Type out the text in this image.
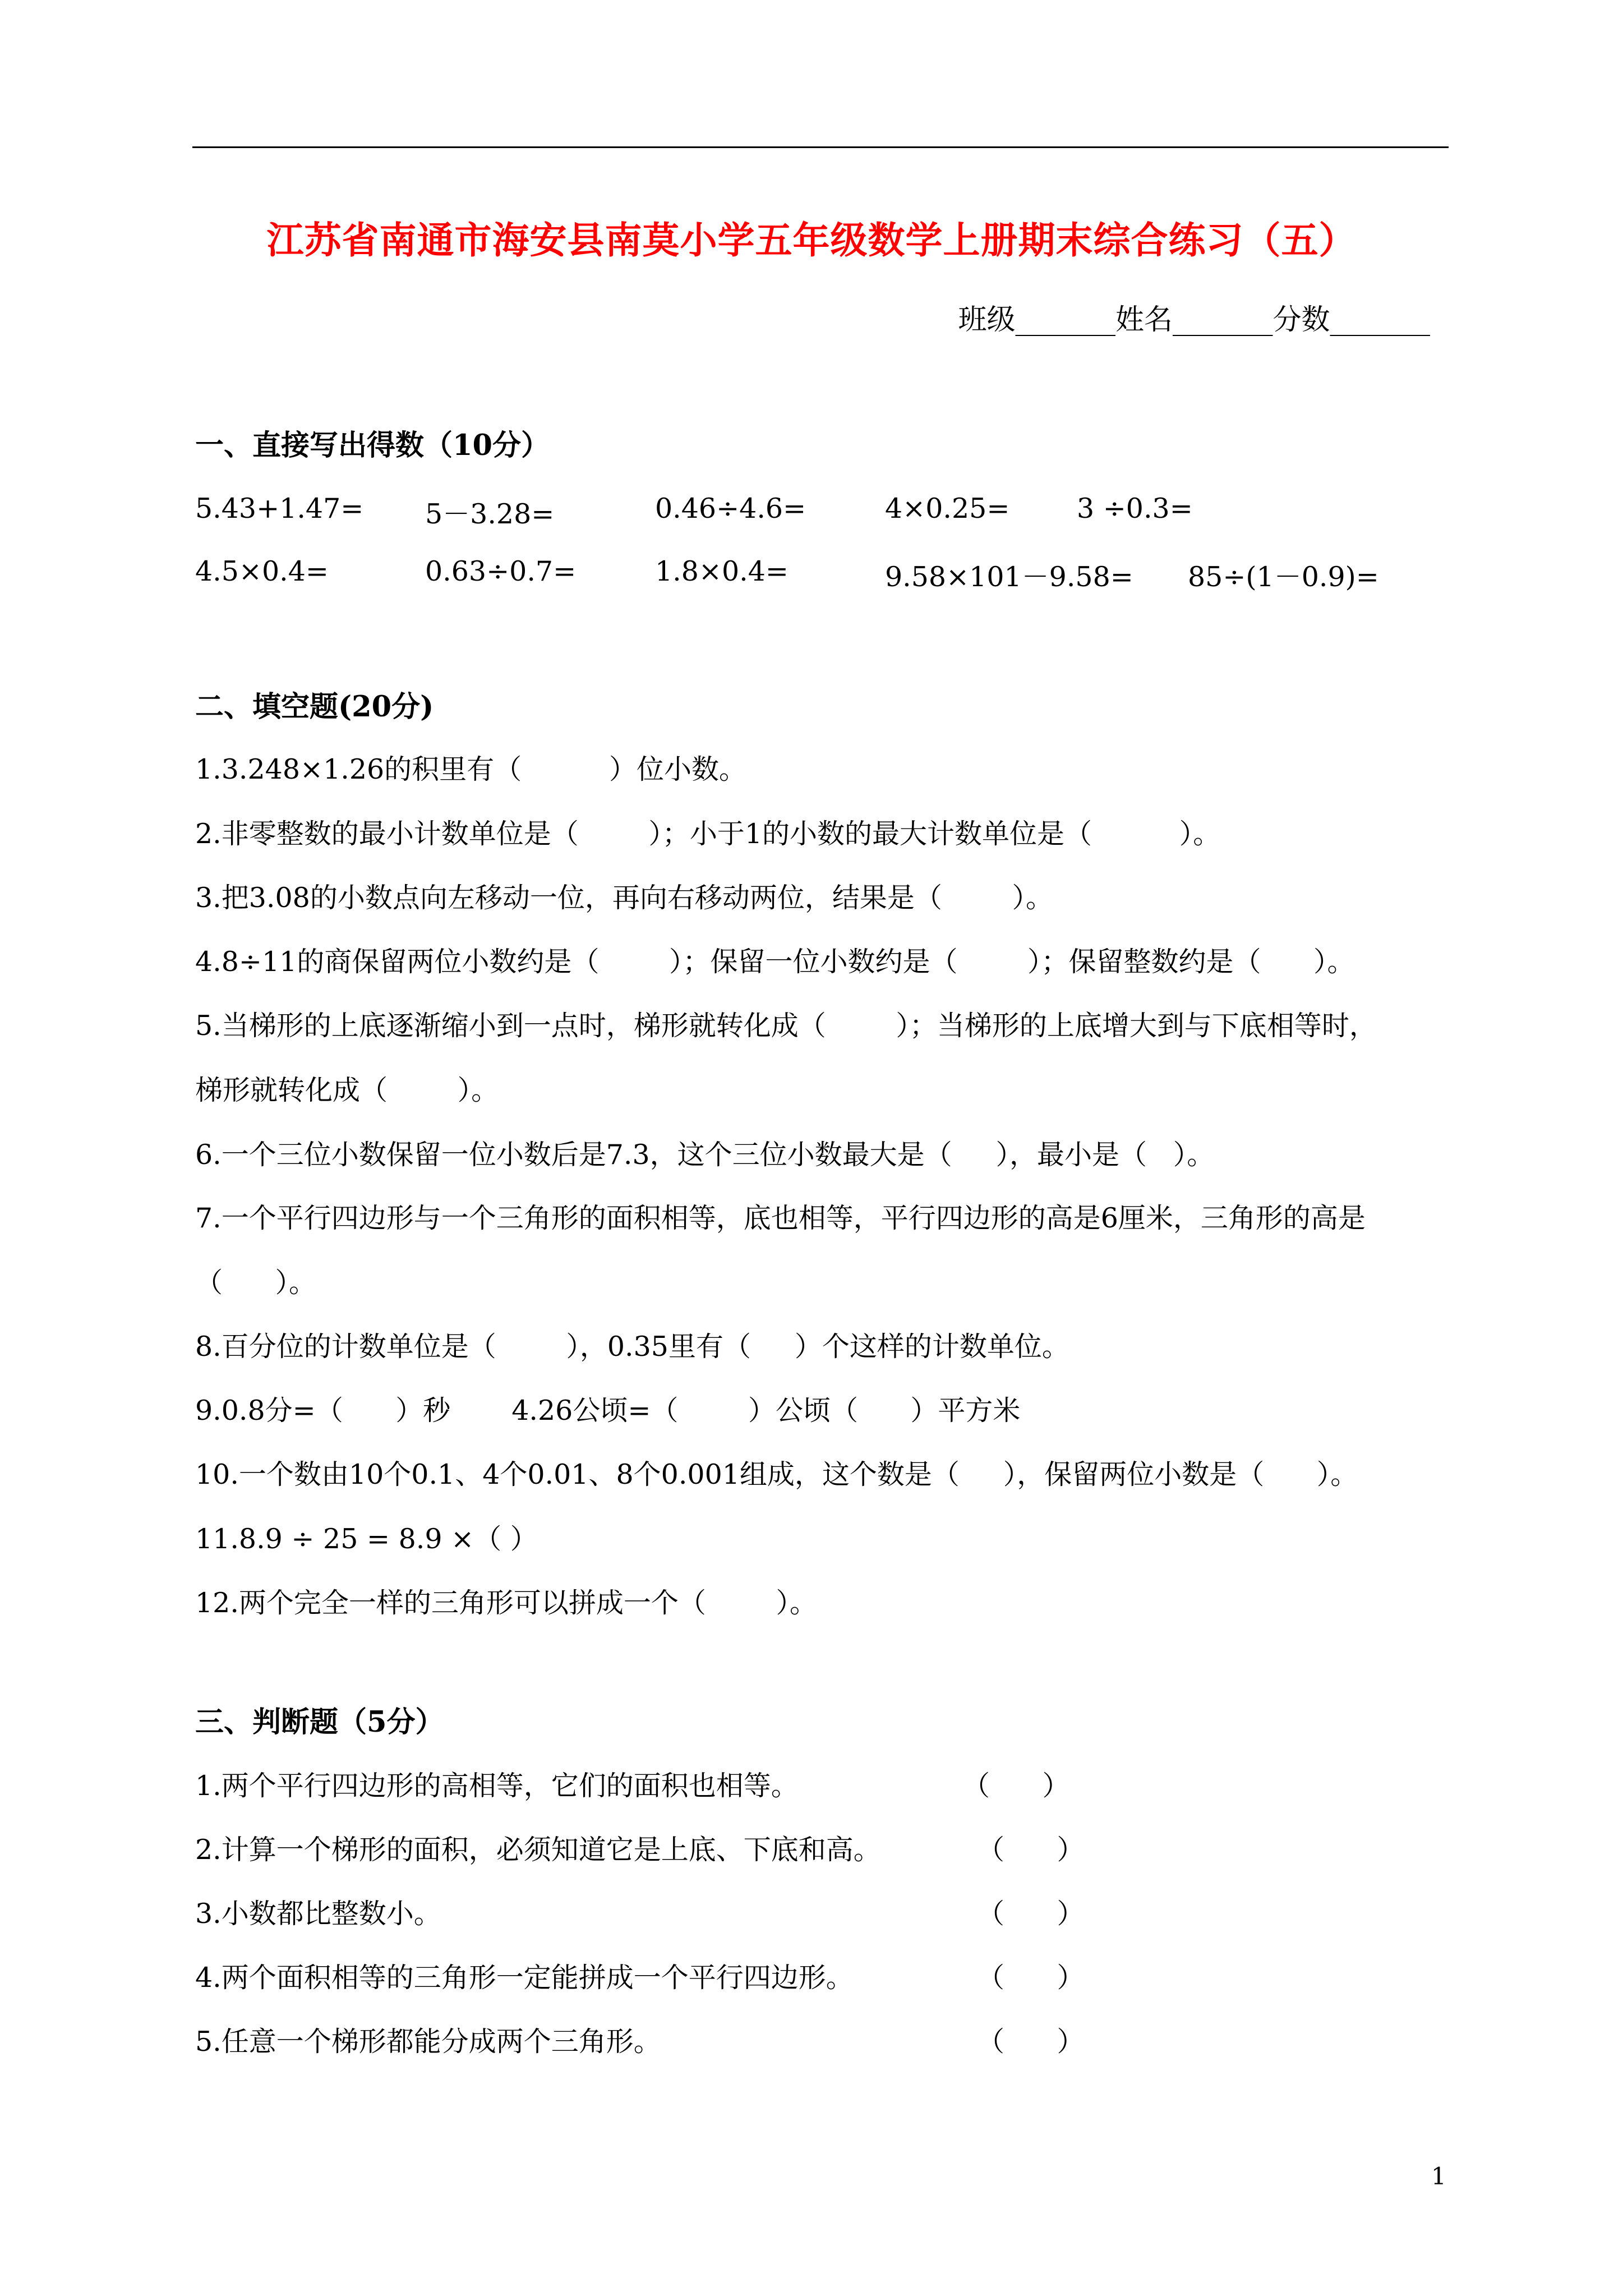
江苏省南通市海安县南莫小学五年级数学上册期末综合练习（五）
班级_______姓名_______分数_______
一、直接写出得数（10分）
5.43+1.47= 5－3.28=	0.46÷4.6=	4×0.25= 3 ÷0.3=
4.5×0.4=	0.63÷0.7=	1.8×0.4=	9.58×101－9.58= 85÷(1－0.9)=
二、填空题(20分)
1.3.248×1.26的积里有（          ）位小数。
2.非零整数的最小计数单位是（        ）；小于1的小数的最大计数单位是（          ）。
3.把3.08的小数点向左移动一位，再向右移动两位，结果是（        ）。
4.8÷11的商保留两位小数约是（        ）；保留一位小数约是（        ）；保留整数约是（      ）。
5.当梯形的上底逐渐缩小到一点时，梯形就转化成（        ）；当梯形的上底增大到与下底相等时，
梯形就转化成（        ）。
6.一个三位小数保留一位小数后是7.3，这个三位小数最大是（     ），最小是（   ）。
7.一个平行四边形与一个三角形的面积相等，底也相等，平行四边形的高是6厘米，三角形的高是
（      ）。
8.百分位的计数单位是（        ），0.35里有（     ）个这样的计数单位。
9.0.8分=（      ）秒       4.26公顷=（        ）公顷（      ）平方米
10.一个数由10个0.1、4个0.01、8个0.001组成，这个数是（     ），保留两位小数是（      ）。
11.8.9 ÷ 25 = 8.9 ×（ ）
12.两个完全一样的三角形可以拼成一个（        ）。
三、判断题（5分）
1.两个平行四边形的高相等，它们的面积也相等。	（      ）
2.计算一个梯形的面积，必须知道它是上底、下底和高。	（      ）
3.小数都比整数小。	（      ）
4.两个面积相等的三角形一定能拼成一个平行四边形。	（      ）
5.任意一个梯形都能分成两个三角形。	（      ）
1
